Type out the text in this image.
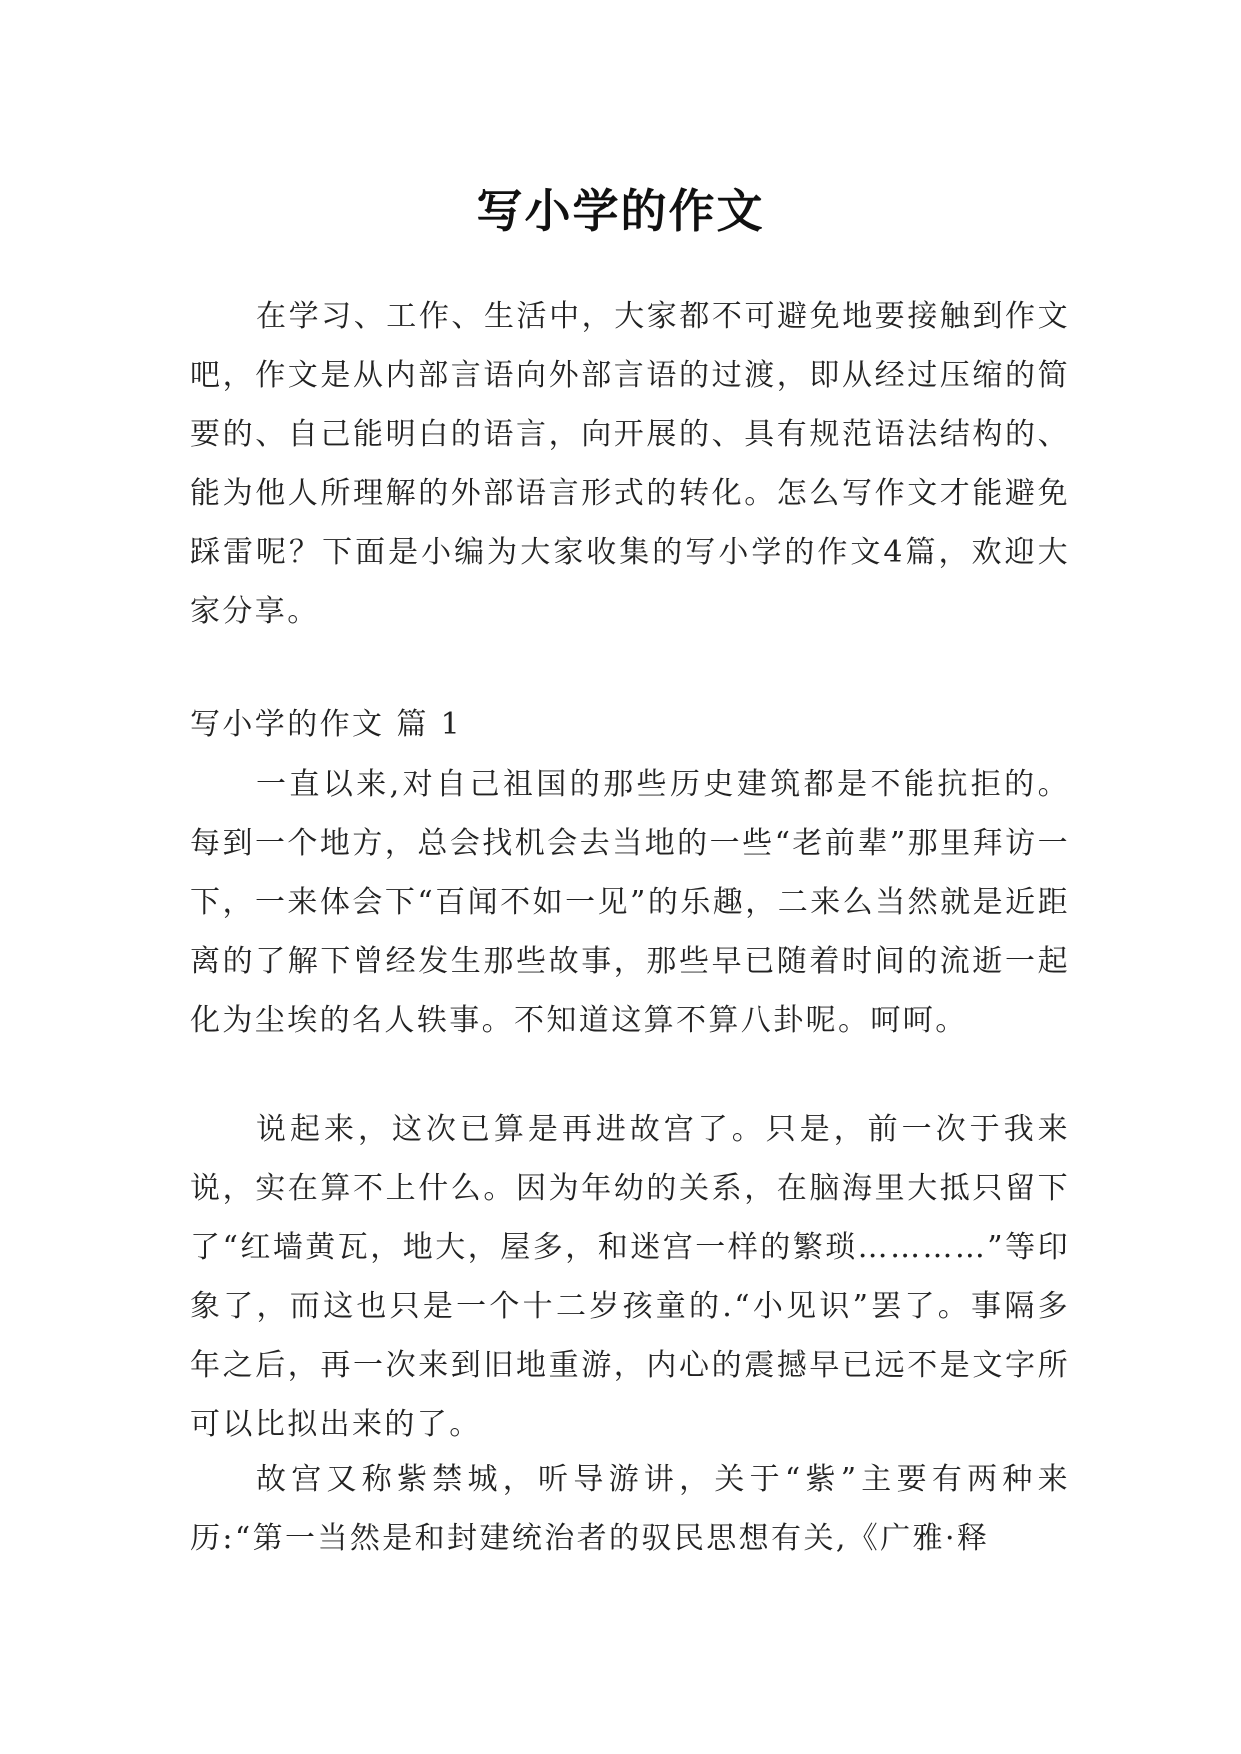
写小学的作文

在学习、工作、生活中，大家都不可避免地要接触到作文吧，作文是从内部言语向外部言语的过渡，即从经过压缩的简要的、自己能明白的语言，向开展的、具有规范语法结构的、能为他人所理解的外部语言形式的转化。怎么写作文才能避免踩雷呢？下面是小编为大家收集的写小学的作文4篇，欢迎大家分享。

写小学的作文 篇 1

一直以来,对自己祖国的那些历史建筑都是不能抗拒的。每到一个地方，总会找机会去当地的一些“老前辈”那里拜访一下，一来体会下“百闻不如一见”的乐趣，二来么当然就是近距离的了解下曾经发生那些故事，那些早已随着时间的流逝一起化为尘埃的名人轶事。不知道这算不算八卦呢。呵呵。

说起来，这次已算是再进故宫了。只是，前一次于我来说，实在算不上什么。因为年幼的关系，在脑海里大抵只留下了“红墙黄瓦，地大，屋多，和迷宫一样的繁琐…………”等印象了，而这也只是一个十二岁孩童的.“小见识”罢了。事隔多年之后，再一次来到旧地重游，内心的震撼早已远不是文字所可以比拟出来的了。

故宫又称紫禁城，听导游讲，关于“紫”主要有两种来历:“第一当然是和封建统治者的驭民思想有关,《广雅·释
